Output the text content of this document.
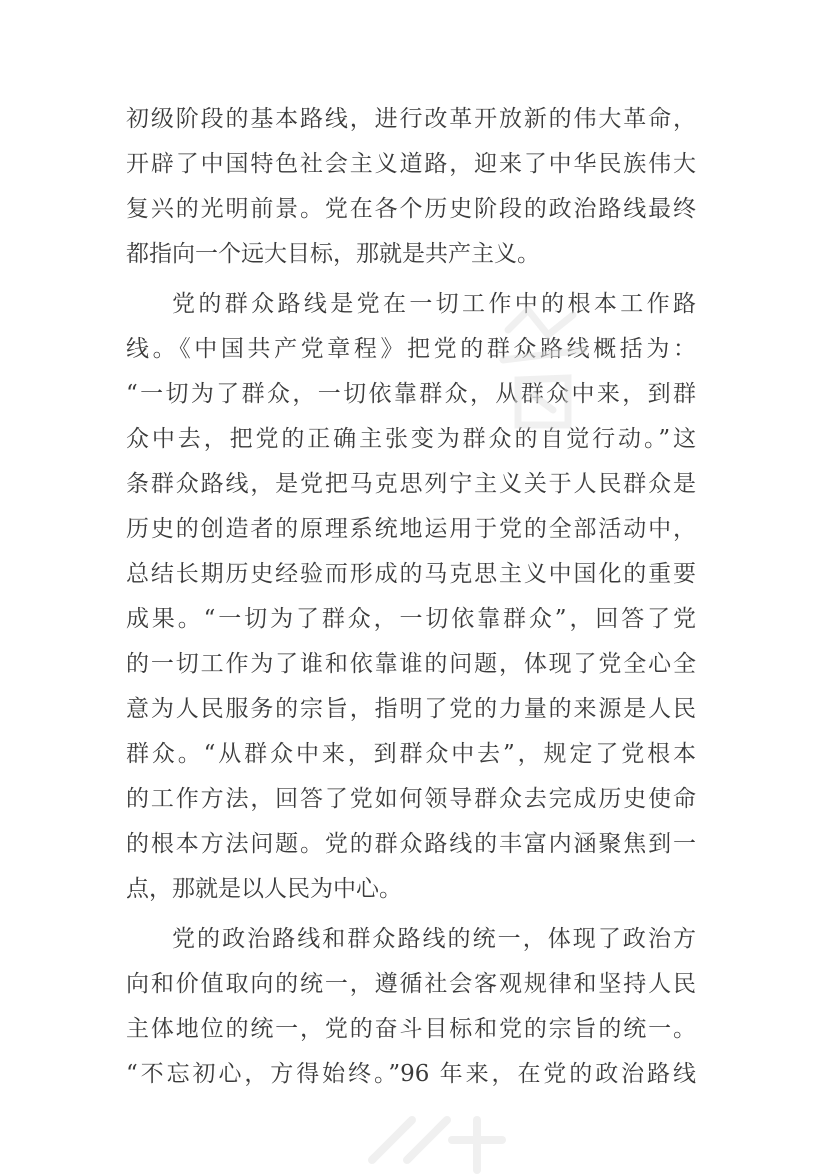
初级阶段的基本路线，进行改革开放新的伟大革命，
开辟了中国特色社会主义道路，迎来了中华民族伟大
复兴的光明前景。党在各个历史阶段的政治路线最终
都指向一个远大目标，那就是共产主义。
党的群众路线是党在一切工作中的根本工作路
线。《中国共产党章程》把党的群众路线概括为：
“一切为了群众，一切依靠群众，从群众中来，到群
众中去，把党的正确主张变为群众的自觉行动。”这
条群众路线，是党把马克思列宁主义关于人民群众是
历史的创造者的原理系统地运用于党的全部活动中，
总结长期历史经验而形成的马克思主义中国化的重要
成果。“一切为了群众，一切依靠群众”，回答了党
的一切工作为了谁和依靠谁的问题，体现了党全心全
意为人民服务的宗旨，指明了党的力量的来源是人民
群众。“从群众中来，到群众中去”，规定了党根本
的工作方法，回答了党如何领导群众去完成历史使命
的根本方法问题。党的群众路线的丰富内涵聚焦到一
点，那就是以人民为中心。
党的政治路线和群众路线的统一，体现了政治方
向和价值取向的统一，遵循社会客观规律和坚持人民
主体地位的统一，党的奋斗目标和党的宗旨的统一。
“不忘初心，方得始终。”96 年来，在党的政治路线
